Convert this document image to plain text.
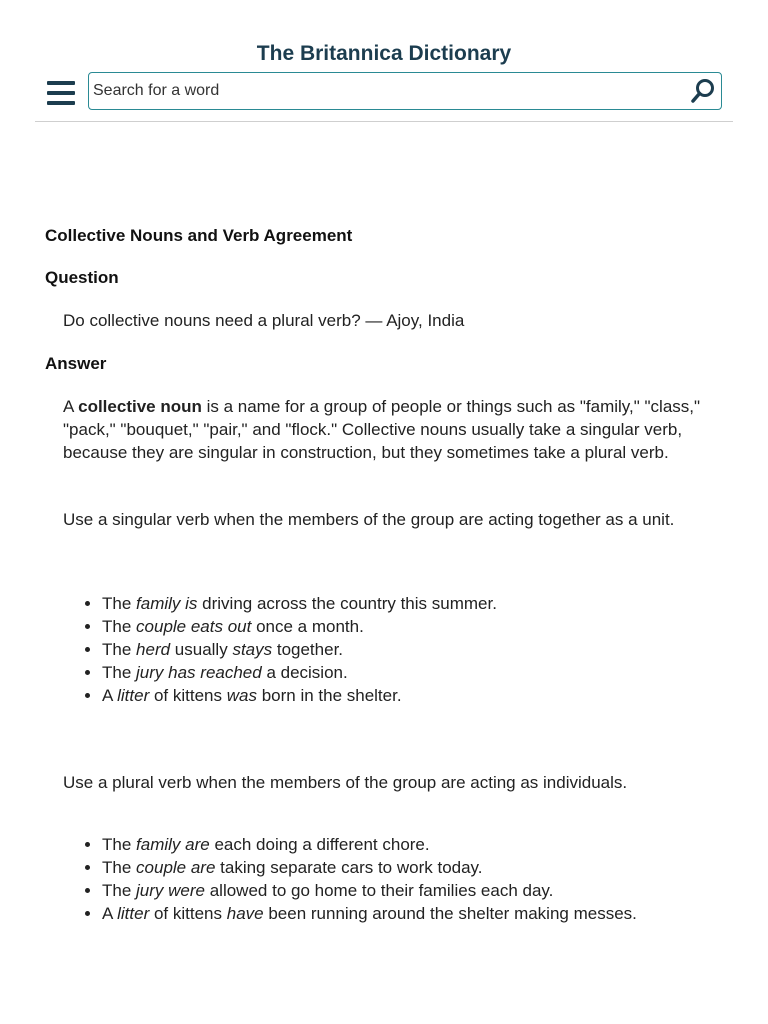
The Britannica Dictionary
Search for a word
Collective Nouns and Verb Agreement
Question
Do collective nouns need a plural verb? — Ajoy, India
Answer

A collective noun is a name for a group of people or things such as "family," "class," "pack," "bouquet," "pair," and "flock." Collective nouns usually take a singular verb, because they are singular in construction, but they sometimes take a plural verb.

Use a singular verb when the members of the group are acting together as a unit.
• The family is driving across the country this summer.
• The couple eats out once a month.
• The herd usually stays together.
• The jury has reached a decision.
• A litter of kittens was born in the shelter.
Use a plural verb when the members of the group are acting as individuals.
• The family are each doing a different chore.
• The couple are taking separate cars to work today.
• The jury were allowed to go home to their families each day.
• A litter of kittens have been running around the shelter making messes.
